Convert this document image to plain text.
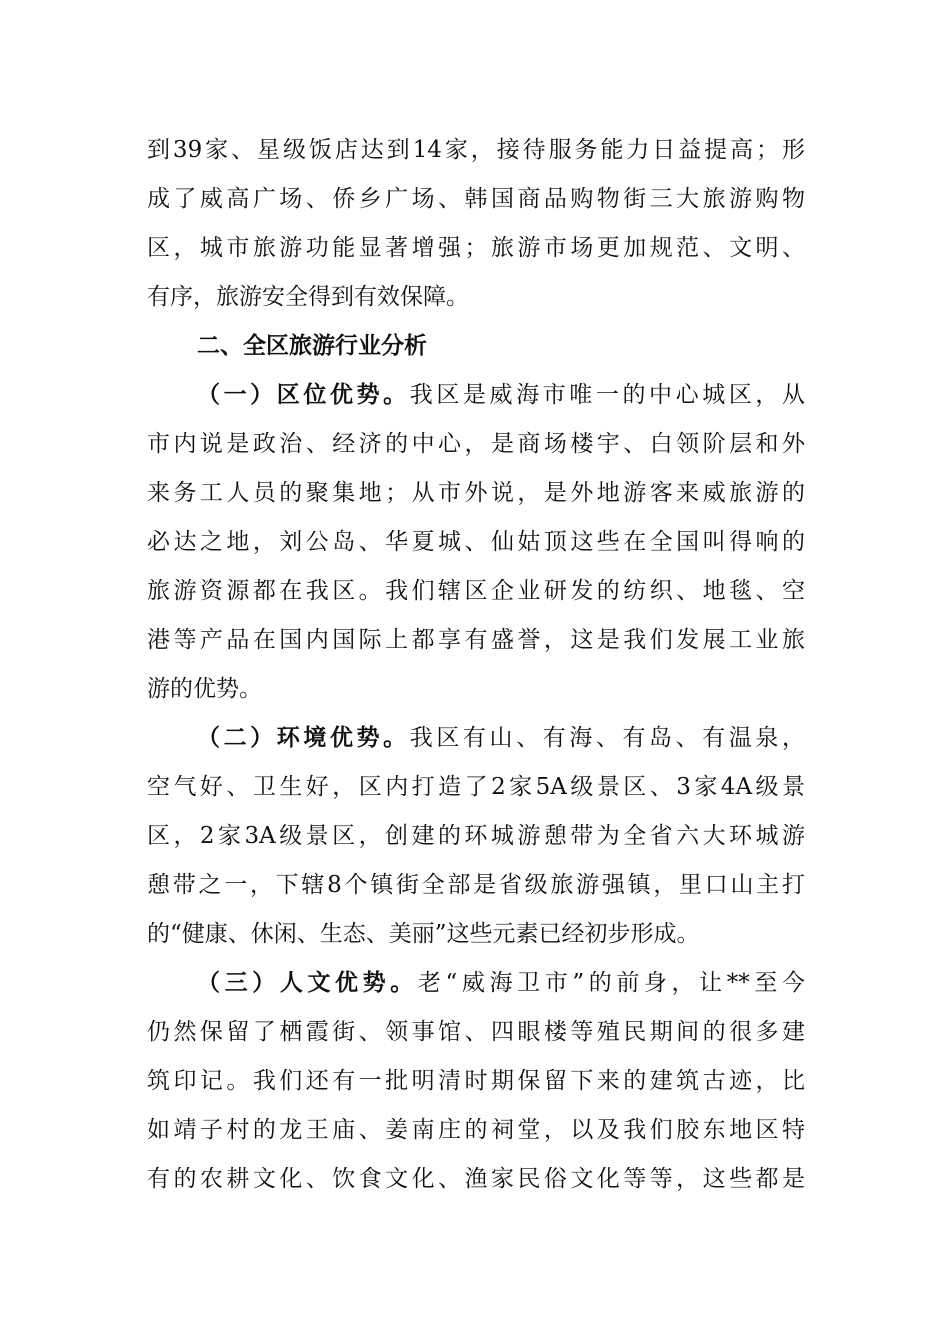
到39家、星级饭店达到14家，接待服务能力日益提高；形
成了威高广场、侨乡广场、韩国商品购物街三大旅游购物
区，城市旅游功能显著增强；旅游市场更加规范、文明、
有序，旅游安全得到有效保障。
二、全区旅游行业分析
（一）区位优势。我区是威海市唯一的中心城区，从
市内说是政治、经济的中心，是商场楼宇、白领阶层和外
来务工人员的聚集地；从市外说，是外地游客来威旅游的
必达之地，刘公岛、华夏城、仙姑顶这些在全国叫得响的
旅游资源都在我区。我们辖区企业研发的纺织、地毯、空
港等产品在国内国际上都享有盛誉，这是我们发展工业旅
游的优势。
（二）环境优势。我区有山、有海、有岛、有温泉，
空气好、卫生好，区内打造了2家5A级景区、3家4A级景
区，2家3A级景区，创建的环城游憩带为全省六大环城游
憩带之一，下辖8个镇街全部是省级旅游强镇，里口山主打
的“健康、休闲、生态、美丽”这些元素已经初步形成。
（三）人文优势。老“威海卫市”的前身，让**至今
仍然保留了栖霞街、领事馆、四眼楼等殖民期间的很多建
筑印记。我们还有一批明清时期保留下来的建筑古迹，比
如靖子村的龙王庙、姜南庄的祠堂，以及我们胶东地区特
有的农耕文化、饮食文化、渔家民俗文化等等，这些都是
